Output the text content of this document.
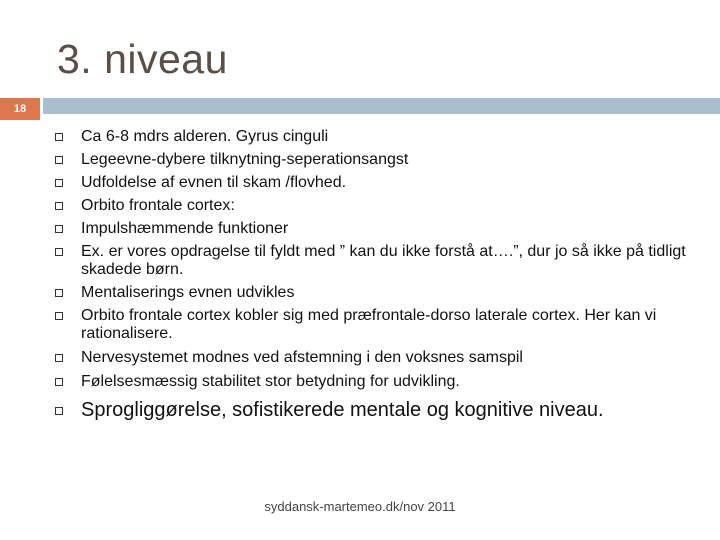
3. niveau
18
Ca 6-8 mdrs alderen. Gyrus cinguli
Legeevne-dybere tilknytning-seperationsangst
Udfoldelse af evnen til skam /flovhed.
Orbito frontale cortex:
Impulshæmmende funktioner
Ex. er vores opdragelse til fyldt med ” kan du ikke forstå at….”, dur jo så ikke på tidligt skadede børn.
Mentaliserings evnen udvikles
Orbito frontale cortex kobler sig med præfrontale-dorso laterale cortex. Her kan vi rationalisere.
Nervesystemet modnes ved afstemning i den voksnes samspil
Følelsesmæssig stabilitet stor betydning for udvikling.
Sprogliggørelse, sofistikerede mentale og kognitive niveau.
syddansk-martemeo.dk/nov 2011
